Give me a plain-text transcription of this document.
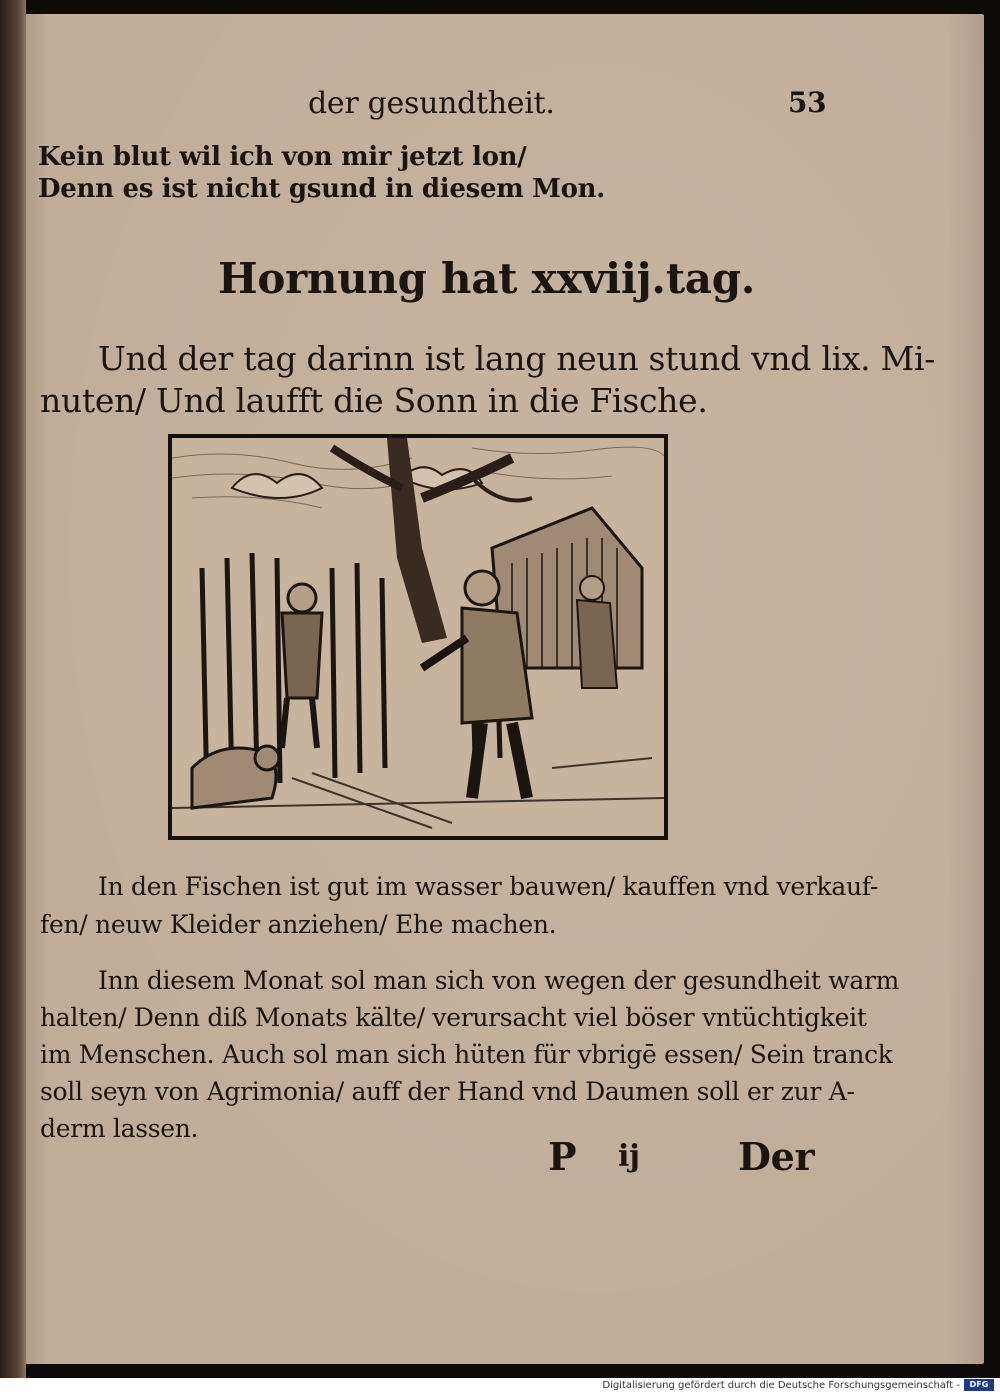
der gesundtheit.	53
Kein blut wil ich von mir jetzt lon/
Denn es ist nicht gsund in diesem Mon.
Hornung hat xxviij.tag.
Und der tag darinn ist lang neun stund vnd lix. Mi-
nuten/ Und laufft die Sonn in die Fische.
In den Fischen ist gut im wasser bauwen/ kauffen vnd verkauf-
fen/ neuw Kleider anziehen/ Ehe machen.
Inn diesem Monat sol man sich von wegen der gesundheit warm
halten/ Denn diß Monats kälte/ verursacht viel böser vntüchtigkeit
im Menschen. Auch sol man sich hüten für vbrigē essen/ Sein tranck
soll seyn von Agrimonia/ auff der Hand vnd Daumen soll er zur A-
derm lassen.
P ij	Der
Digitalisierung gefördert durch die Deutsche Forschungsgemeinschaft -	DFG
